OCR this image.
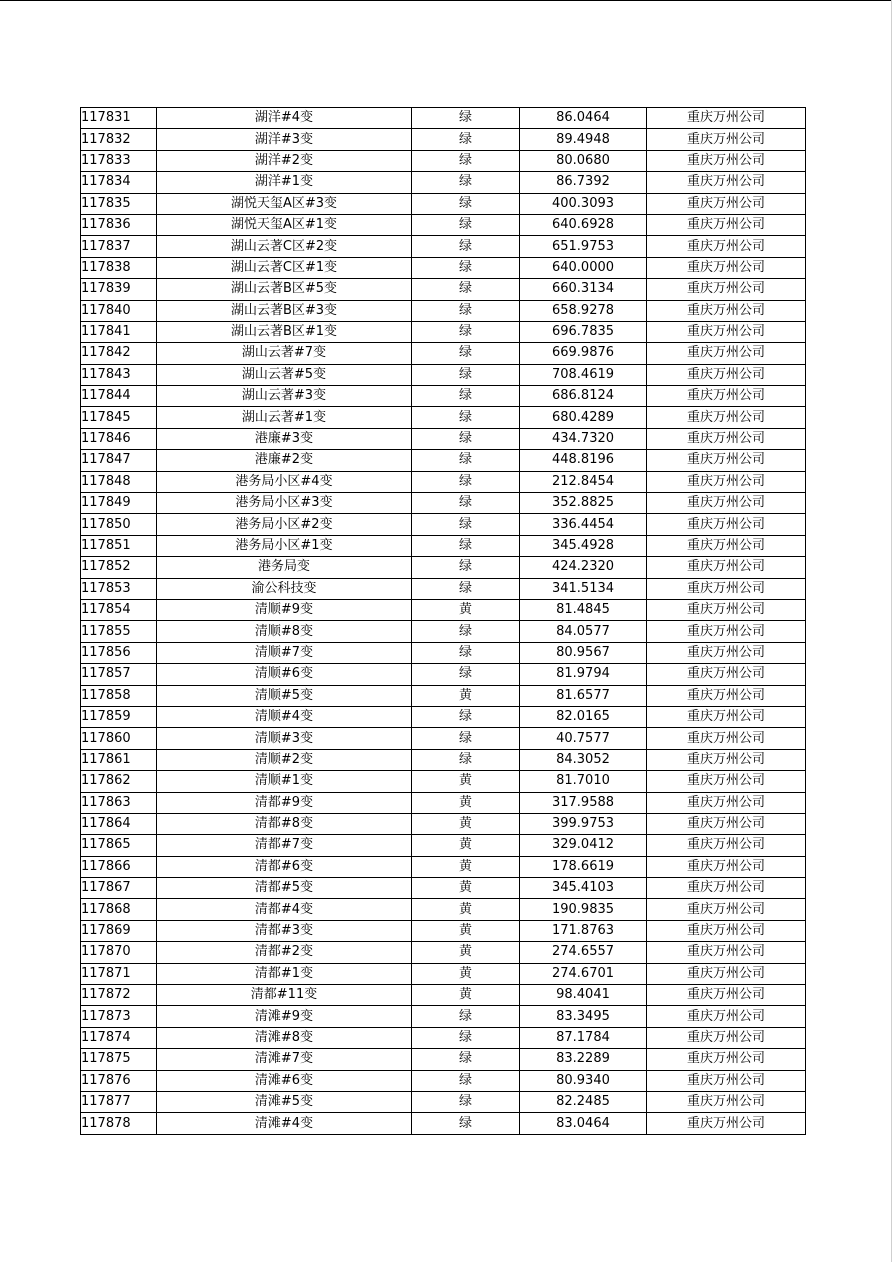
117831	湖洋#4变	绿	86.0464	重庆万州公司
117832	湖洋#3变	绿	89.4948	重庆万州公司
117833	湖洋#2变	绿	80.0680	重庆万州公司
117834	湖洋#1变	绿	86.7392	重庆万州公司
117835	湖悦天玺A区#3变	绿	400.3093	重庆万州公司
117836	湖悦天玺A区#1变	绿	640.6928	重庆万州公司
117837	湖山云著C区#2变	绿	651.9753	重庆万州公司
117838	湖山云著C区#1变	绿	640.0000	重庆万州公司
117839	湖山云著B区#5变	绿	660.3134	重庆万州公司
117840	湖山云著B区#3变	绿	658.9278	重庆万州公司
117841	湖山云著B区#1变	绿	696.7835	重庆万州公司
117842	湖山云著#7变	绿	669.9876	重庆万州公司
117843	湖山云著#5变	绿	708.4619	重庆万州公司
117844	湖山云著#3变	绿	686.8124	重庆万州公司
117845	湖山云著#1变	绿	680.4289	重庆万州公司
117846	港廉#3变	绿	434.7320	重庆万州公司
117847	港廉#2变	绿	448.8196	重庆万州公司
117848	港务局小区#4变	绿	212.8454	重庆万州公司
117849	港务局小区#3变	绿	352.8825	重庆万州公司
117850	港务局小区#2变	绿	336.4454	重庆万州公司
117851	港务局小区#1变	绿	345.4928	重庆万州公司
117852	港务局变	绿	424.2320	重庆万州公司
117853	渝公科技变	绿	341.5134	重庆万州公司
117854	清顺#9变	黄	81.4845	重庆万州公司
117855	清顺#8变	绿	84.0577	重庆万州公司
117856	清顺#7变	绿	80.9567	重庆万州公司
117857	清顺#6变	绿	81.9794	重庆万州公司
117858	清顺#5变	黄	81.6577	重庆万州公司
117859	清顺#4变	绿	82.0165	重庆万州公司
117860	清顺#3变	绿	40.7577	重庆万州公司
117861	清顺#2变	绿	84.3052	重庆万州公司
117862	清顺#1变	黄	81.7010	重庆万州公司
117863	清都#9变	黄	317.9588	重庆万州公司
117864	清都#8变	黄	399.9753	重庆万州公司
117865	清都#7变	黄	329.0412	重庆万州公司
117866	清都#6变	黄	178.6619	重庆万州公司
117867	清都#5变	黄	345.4103	重庆万州公司
117868	清都#4变	黄	190.9835	重庆万州公司
117869	清都#3变	黄	171.8763	重庆万州公司
117870	清都#2变	黄	274.6557	重庆万州公司
117871	清都#1变	黄	274.6701	重庆万州公司
117872	清都#11变	黄	98.4041	重庆万州公司
117873	清滩#9变	绿	83.3495	重庆万州公司
117874	清滩#8变	绿	87.1784	重庆万州公司
117875	清滩#7变	绿	83.2289	重庆万州公司
117876	清滩#6变	绿	80.9340	重庆万州公司
117877	清滩#5变	绿	82.2485	重庆万州公司
117878	清滩#4变	绿	83.0464	重庆万州公司
